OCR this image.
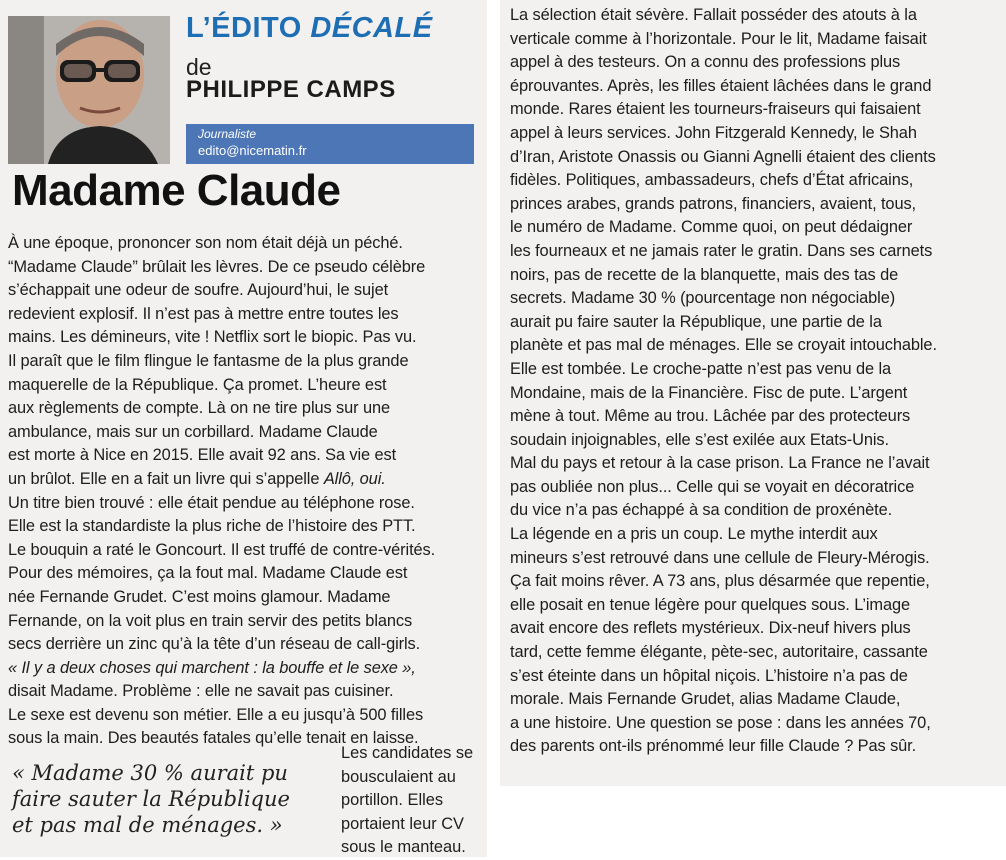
L’ÉDITO DÉCALÉ
de
PHILIPPE CAMPS
Journaliste
edito@nicematin.fr
Madame Claude
À une époque, prononcer son nom était déjà un péché.
“Madame Claude” brûlait les lèvres. De ce pseudo célèbre
s’échappait une odeur de soufre. Aujourd’hui, le sujet
redevient explosif. Il n’est pas à mettre entre toutes les
mains. Les démineurs, vite ! Netflix sort le biopic. Pas vu.
Il paraît que le film flingue le fantasme de la plus grande
maquerelle de la République. Ça promet. L’heure est
aux règlements de compte. Là on ne tire plus sur une
ambulance, mais sur un corbillard. Madame Claude
est morte à Nice en 2015. Elle avait 92 ans. Sa vie est
un brûlot. Elle en a fait un livre qui s’appelle Allô, oui.
Un titre bien trouvé : elle était pendue au téléphone rose.
Elle est la standardiste la plus riche de l’histoire des PTT.
Le bouquin a raté le Goncourt. Il est truffé de contre-vérités.
Pour des mémoires, ça la fout mal. Madame Claude est
née Fernande Grudet. C’est moins glamour. Madame
Fernande, on la voit plus en train servir des petits blancs
secs derrière un zinc qu’à la tête d’un réseau de call-girls.
« Il y a deux choses qui marchent : la bouffe et le sexe »,
disait Madame. Problème : elle ne savait pas cuisiner.
Le sexe est devenu son métier. Elle a eu jusqu’à 500 filles
sous la main. Des beautés fatales qu’elle tenait en laisse.
« Madame 30 % aurait pu
faire sauter la République
et pas mal de ménages. »
Les candidates se
bousculaient au
portillon. Elles
portaient leur CV
sous le manteau.
La sélection était sévère. Fallait posséder des atouts à la
verticale comme à l’horizontale. Pour le lit, Madame faisait
appel à des testeurs. On a connu des professions plus
éprouvantes. Après, les filles étaient lâchées dans le grand
monde. Rares étaient les tourneurs-fraiseurs qui faisaient
appel à leurs services. John Fitzgerald Kennedy, le Shah
d’Iran, Aristote Onassis ou Gianni Agnelli étaient des clients
fidèles. Politiques, ambassadeurs, chefs d’État africains,
princes arabes, grands patrons, financiers, avaient, tous,
le numéro de Madame. Comme quoi, on peut dédaigner
les fourneaux et ne jamais rater le gratin. Dans ses carnets
noirs, pas de recette de la blanquette, mais des tas de
secrets. Madame 30 % (pourcentage non négociable)
aurait pu faire sauter la République, une partie de la
planète et pas mal de ménages. Elle se croyait intouchable.
Elle est tombée. Le croche-patte n’est pas venu de la
Mondaine, mais de la Financière. Fisc de pute. L’argent
mène à tout. Même au trou. Lâchée par des protecteurs
soudain injoignables, elle s’est exilée aux Etats-Unis.
Mal du pays et retour à la case prison. La France ne l’avait
pas oubliée non plus... Celle qui se voyait en décoratrice
du vice n’a pas échappé à sa condition de proxénète.
La légende en a pris un coup. Le mythe interdit aux
mineurs s’est retrouvé dans une cellule de Fleury-Mérogis.
Ça fait moins rêver. A 73 ans, plus désarmée que repentie,
elle posait en tenue légère pour quelques sous. L’image
avait encore des reflets mystérieux. Dix-neuf hivers plus
tard, cette femme élégante, pète-sec, autoritaire, cassante
s’est éteinte dans un hôpital niçois. L’histoire n’a pas de
morale. Mais Fernande Grudet, alias Madame Claude,
a une histoire. Une question se pose : dans les années 70,
des parents ont-ils prénommé leur fille Claude ? Pas sûr.
